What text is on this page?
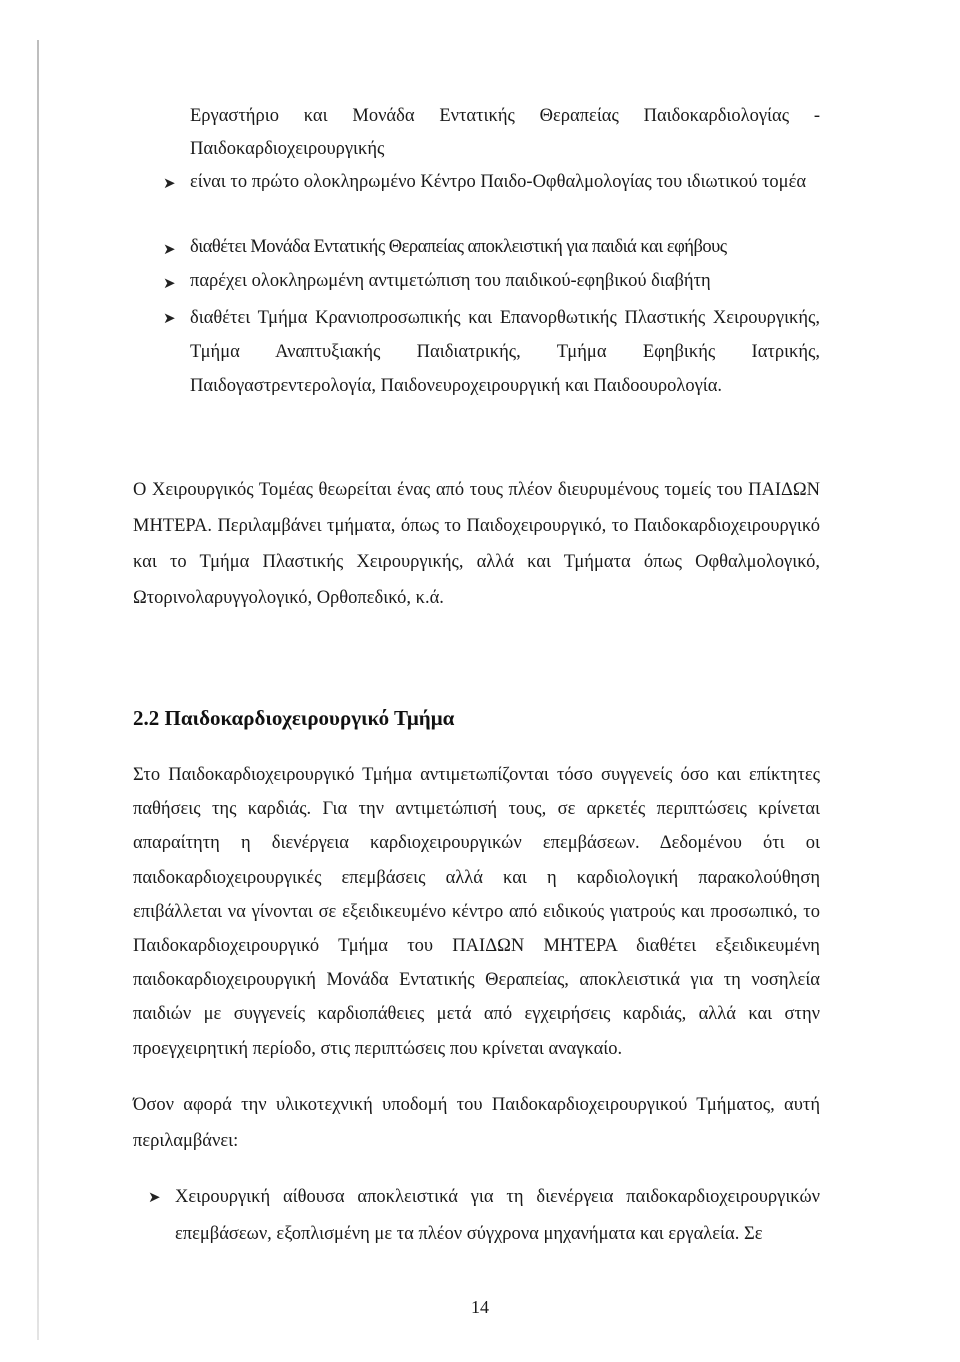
Εργαστήριο και Μονάδα Εντατικής Θεραπείας Παιδοκαρδιολογίας -

Παιδοκαρδιοχειρουργικής

➤ είναι το πρώτο ολοκληρωμένο Κέντρο Παιδο-Οφθαλμολογίας του ιδιωτικού τομέα

➤ διαθέτει Μονάδα Εντατικής Θεραπείας αποκλειστική για παιδιά και εφήβους

➤ παρέχει ολοκληρωμένη αντιμετώπιση του παιδικού-εφηβικού διαβήτη

➤ διαθέτει Τμήμα Κρανιοπροσωπικής και Επανορθωτικής Πλαστικής Χειρουργικής, Τμήμα Αναπτυξιακής Παιδιατρικής, Τμήμα Εφηβικής Ιατρικής, Παιδογαστρεντερολογία, Παιδονευροχειρουργική και Παιδοουρολογία.

Ο Χειρουργικός Τομέας θεωρείται ένας από τους πλέον διευρυμένους τομείς του ΠΑΙΔΩΝ ΜΗΤΕΡΑ. Περιλαμβάνει τμήματα, όπως το Παιδοχειρουργικό, το Παιδοκαρδιοχειρουργικό και το Τμήμα Πλαστικής Χειρουργικής, αλλά και Τμήματα όπως Οφθαλμολογικό, Ωτορινολαρυγγολογικό, Ορθοπεδικό, κ.ά.

2.2 Παιδοκαρδιοχειρουργικό Τμήμα

Στο Παιδοκαρδιοχειρουργικό Τμήμα αντιμετωπίζονται τόσο συγγενείς όσο και επίκτητες παθήσεις της καρδιάς. Για την αντιμετώπισή τους, σε αρκετές περιπτώσεις κρίνεται απαραίτητη η διενέργεια καρδιοχειρουργικών επεμβάσεων. Δεδομένου ότι οι παιδοκαρδιοχειρουργικές επεμβάσεις αλλά και η καρδιολογική παρακολούθηση επιβάλλεται να γίνονται σε εξειδικευμένο κέντρο από ειδικούς γιατρούς και προσωπικό, το Παιδοκαρδιοχειρουργικό Τμήμα του ΠΑΙΔΩΝ ΜΗΤΕΡΑ διαθέτει εξειδικευμένη παιδοκαρδιοχειρουργική Μονάδα Εντατικής Θεραπείας, αποκλειστικά για τη νοσηλεία παιδιών με συγγενείς καρδιοπάθειες μετά από εγχειρήσεις καρδιάς, αλλά και στην προεγχειρητική περίοδο, στις περιπτώσεις που κρίνεται αναγκαίο.

Όσον αφορά την υλικοτεχνική υποδομή του Παιδοκαρδιοχειρουργικού Τμήματος, αυτή περιλαμβάνει:

➤ Χειρουργική αίθουσα αποκλειστικά για τη διενέργεια παιδοκαρδιοχειρουργικών επεμβάσεων, εξοπλισμένη με τα πλέον σύγχρονα μηχανήματα και εργαλεία. Σε

14
